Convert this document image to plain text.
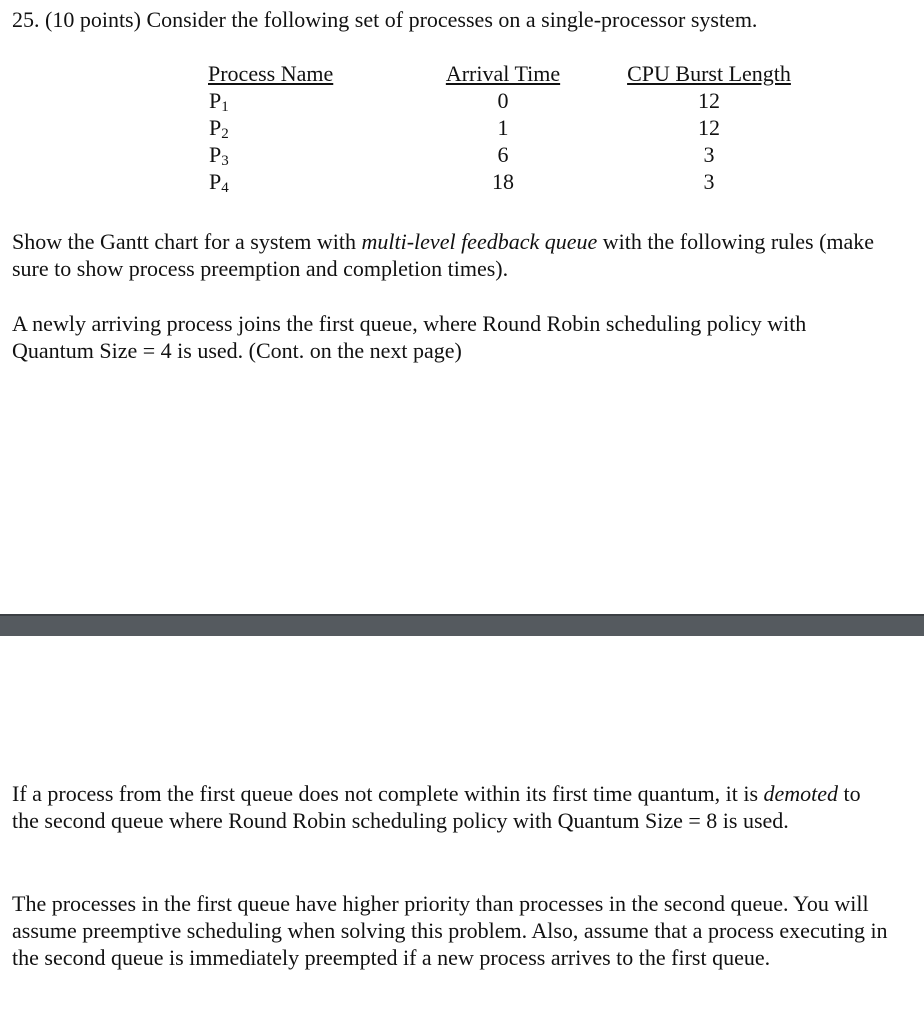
25. (10 points) Consider the following set of processes on a single-processor system.

Process Name
$P_1$
$P_2$
$P_3$
$P_4$
Arrival Time
0
1
6
18
CPU Burst Length
12
12
3
3

Show the Gantt chart for a system with multi-level feedback queue with the following rules (make sure to show process preemption and completion times).

A newly arriving process joins the first queue, where Round Robin scheduling policy with Quantum Size = 4 is used. (Cont. on the next page)

If a process from the first queue does not complete within its first time quantum, it is demoted to the second queue where Round Robin scheduling policy with Quantum Size = 8 is used.

The processes in the first queue have higher priority than processes in the second queue. You will assume preemptive scheduling when solving this problem. Also, assume that a process executing in the second queue is immediately preempted if a new process arrives to the first queue.
